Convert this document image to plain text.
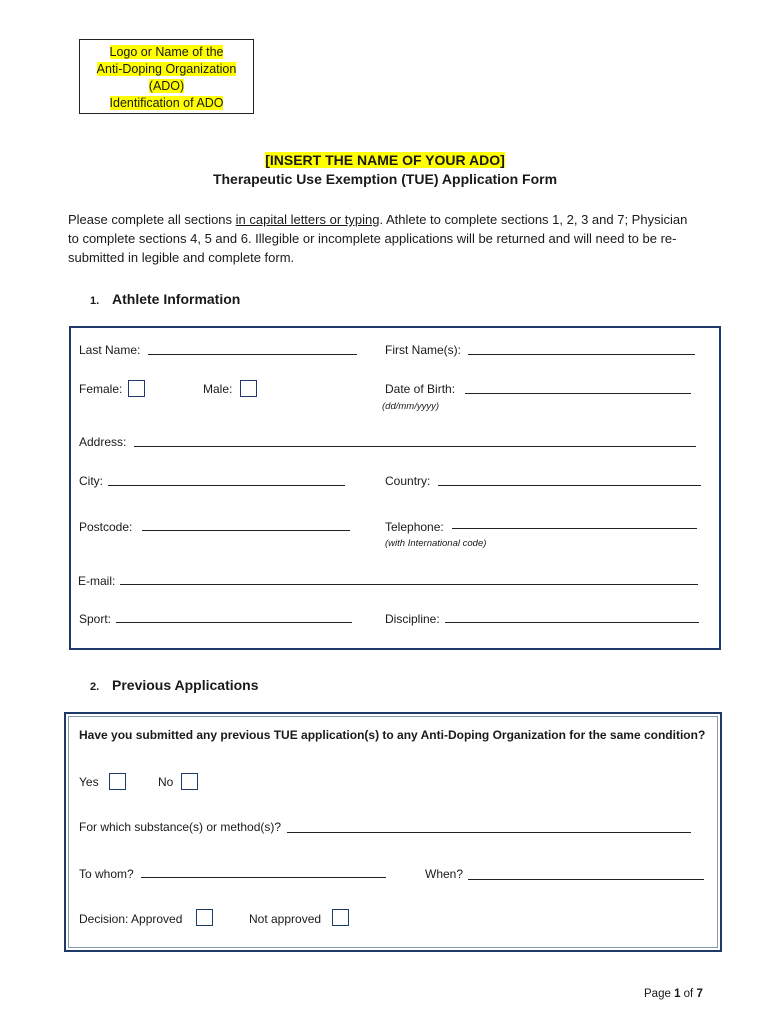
Logo or Name of the
Anti-Doping Organization
(ADO)
Identification of ADO
[INSERT THE NAME OF YOUR ADO]
Therapeutic Use Exemption (TUE) Application Form
Please complete all sections in capital letters or typing. Athlete to complete sections 1, 2, 3 and 7; Physician to complete sections 4, 5 and 6. Illegible or incomplete applications will be returned and will need to be re-submitted in legible and complete form.
1. Athlete Information
Last Name:	First Name(s):
Female:	Male:	Date of Birth:
(dd/mm/yyyy)
Address:
City:	Country:
Postcode:	Telephone:
(with International code)
E-mail:
Sport:	Discipline:
2. Previous Applications
Have you submitted any previous TUE application(s) to any Anti-Doping Organization for the same condition?
Yes	No
For which substance(s) or method(s)?
To whom?	When?
Decision: Approved	Not approved
Page 1 of 7
